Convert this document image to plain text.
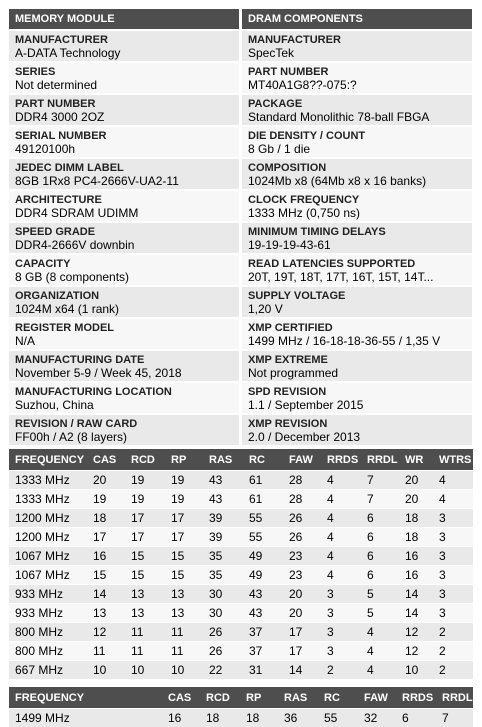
MEMORY MODULE
MANUFACTURER
A-DATA Technology
SERIES
Not determined
PART NUMBER
DDR4 3000 2OZ
SERIAL NUMBER
49120100h
JEDEC DIMM LABEL
8GB 1Rx8 PC4-2666V-UA2-11
ARCHITECTURE
DDR4 SDRAM UDIMM
SPEED GRADE
DDR4-2666V downbin
CAPACITY
8 GB (8 components)
ORGANIZATION
1024M x64 (1 rank)
REGISTER MODEL
N/A
MANUFACTURING DATE
November 5-9 / Week 45, 2018
MANUFACTURING LOCATION
Suzhou, China
REVISION / RAW CARD
FF00h / A2 (8 layers)
DRAM COMPONENTS
MANUFACTURER
SpecTek
PART NUMBER
MT40A1G8??-075:?
PACKAGE
Standard Monolithic 78-ball FBGA
DIE DENSITY / COUNT
8 Gb / 1 die
COMPOSITION
1024Mb x8 (64Mb x8 x 16 banks)
CLOCK FREQUENCY
1333 MHz (0,750 ns)
MINIMUM TIMING DELAYS
19-19-19-43-61
READ LATENCIES SUPPORTED
20T, 19T, 18T, 17T, 16T, 15T, 14T...
SUPPLY VOLTAGE
1,20 V
XMP CERTIFIED
1499 MHz / 16-18-18-36-55 / 1,35 V
XMP EXTREME
Not programmed
SPD REVISION
1.1 / September 2015
XMP REVISION
2.0 / December 2013
FREQUENCY	CAS	RCD	RP	RAS	RC	FAW	RRDS	RRDL	WR	WTRS
1333 MHz	20	19	19	43	61	28	4	7	20	4
1333 MHz	19	19	19	43	61	28	4	7	20	4
1200 MHz	18	17	17	39	55	26	4	6	18	3
1200 MHz	17	17	17	39	55	26	4	6	18	3
1067 MHz	16	15	15	35	49	23	4	6	16	3
1067 MHz	15	15	15	35	49	23	4	6	16	3
933 MHz	14	13	13	30	43	20	3	5	14	3
933 MHz	13	13	13	30	43	20	3	5	14	3
800 MHz	12	11	11	26	37	17	3	4	12	2
800 MHz	11	11	11	26	37	17	3	4	12	2
667 MHz	10	10	10	22	31	14	2	4	10	2
FREQUENCY	CAS	RCD	RP	RAS	RC	FAW	RRDS	RRDL
1499 MHz	16	18	18	36	55	32	6	7
